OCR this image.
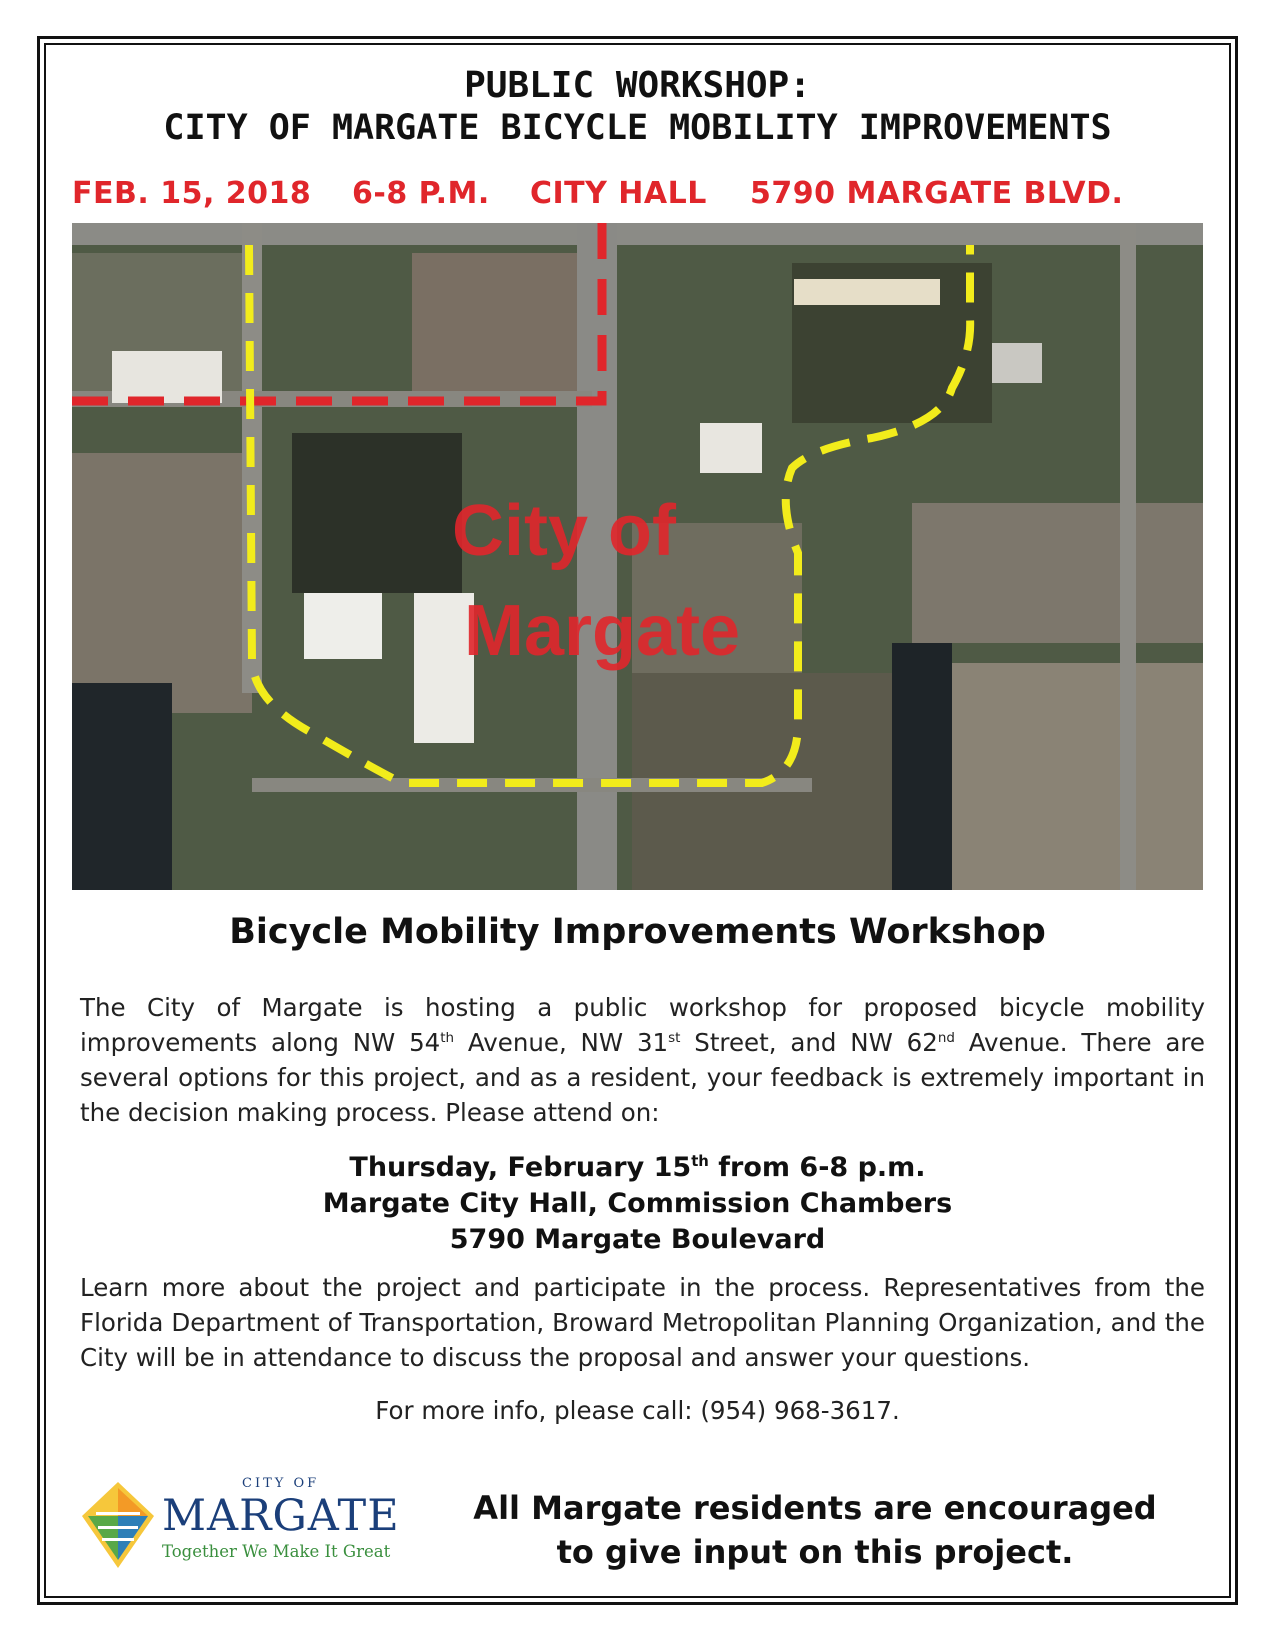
PUBLIC WORKSHOP:
CITY OF MARGATE BICYCLE MOBILITY IMPROVEMENTS
FEB. 15, 2018 6-8 P.M. CITY HALL 5790 MARGATE BLVD.
City of
Margate
Bicycle Mobility Improvements Workshop
The City of Margate is hosting a public workshop for proposed bicycle mobility improvements along NW 54th Avenue, NW 31st Street, and NW 62nd Avenue. There are several options for this project, and as a resident, your feedback is extremely important in the decision making process. Please attend on:
Thursday, February 15th from 6-8 p.m.
Margate City Hall, Commission Chambers
5790 Margate Boulevard
Learn more about the project and participate in the process. Representatives from the Florida Department of Transportation, Broward Metropolitan Planning Organization, and the City will be in attendance to discuss the proposal and answer your questions.
For more info, please call: (954) 968-3617.
CITY OF
MARGATE
Together We Make It Great
All Margate residents are encouraged
to give input on this project.
